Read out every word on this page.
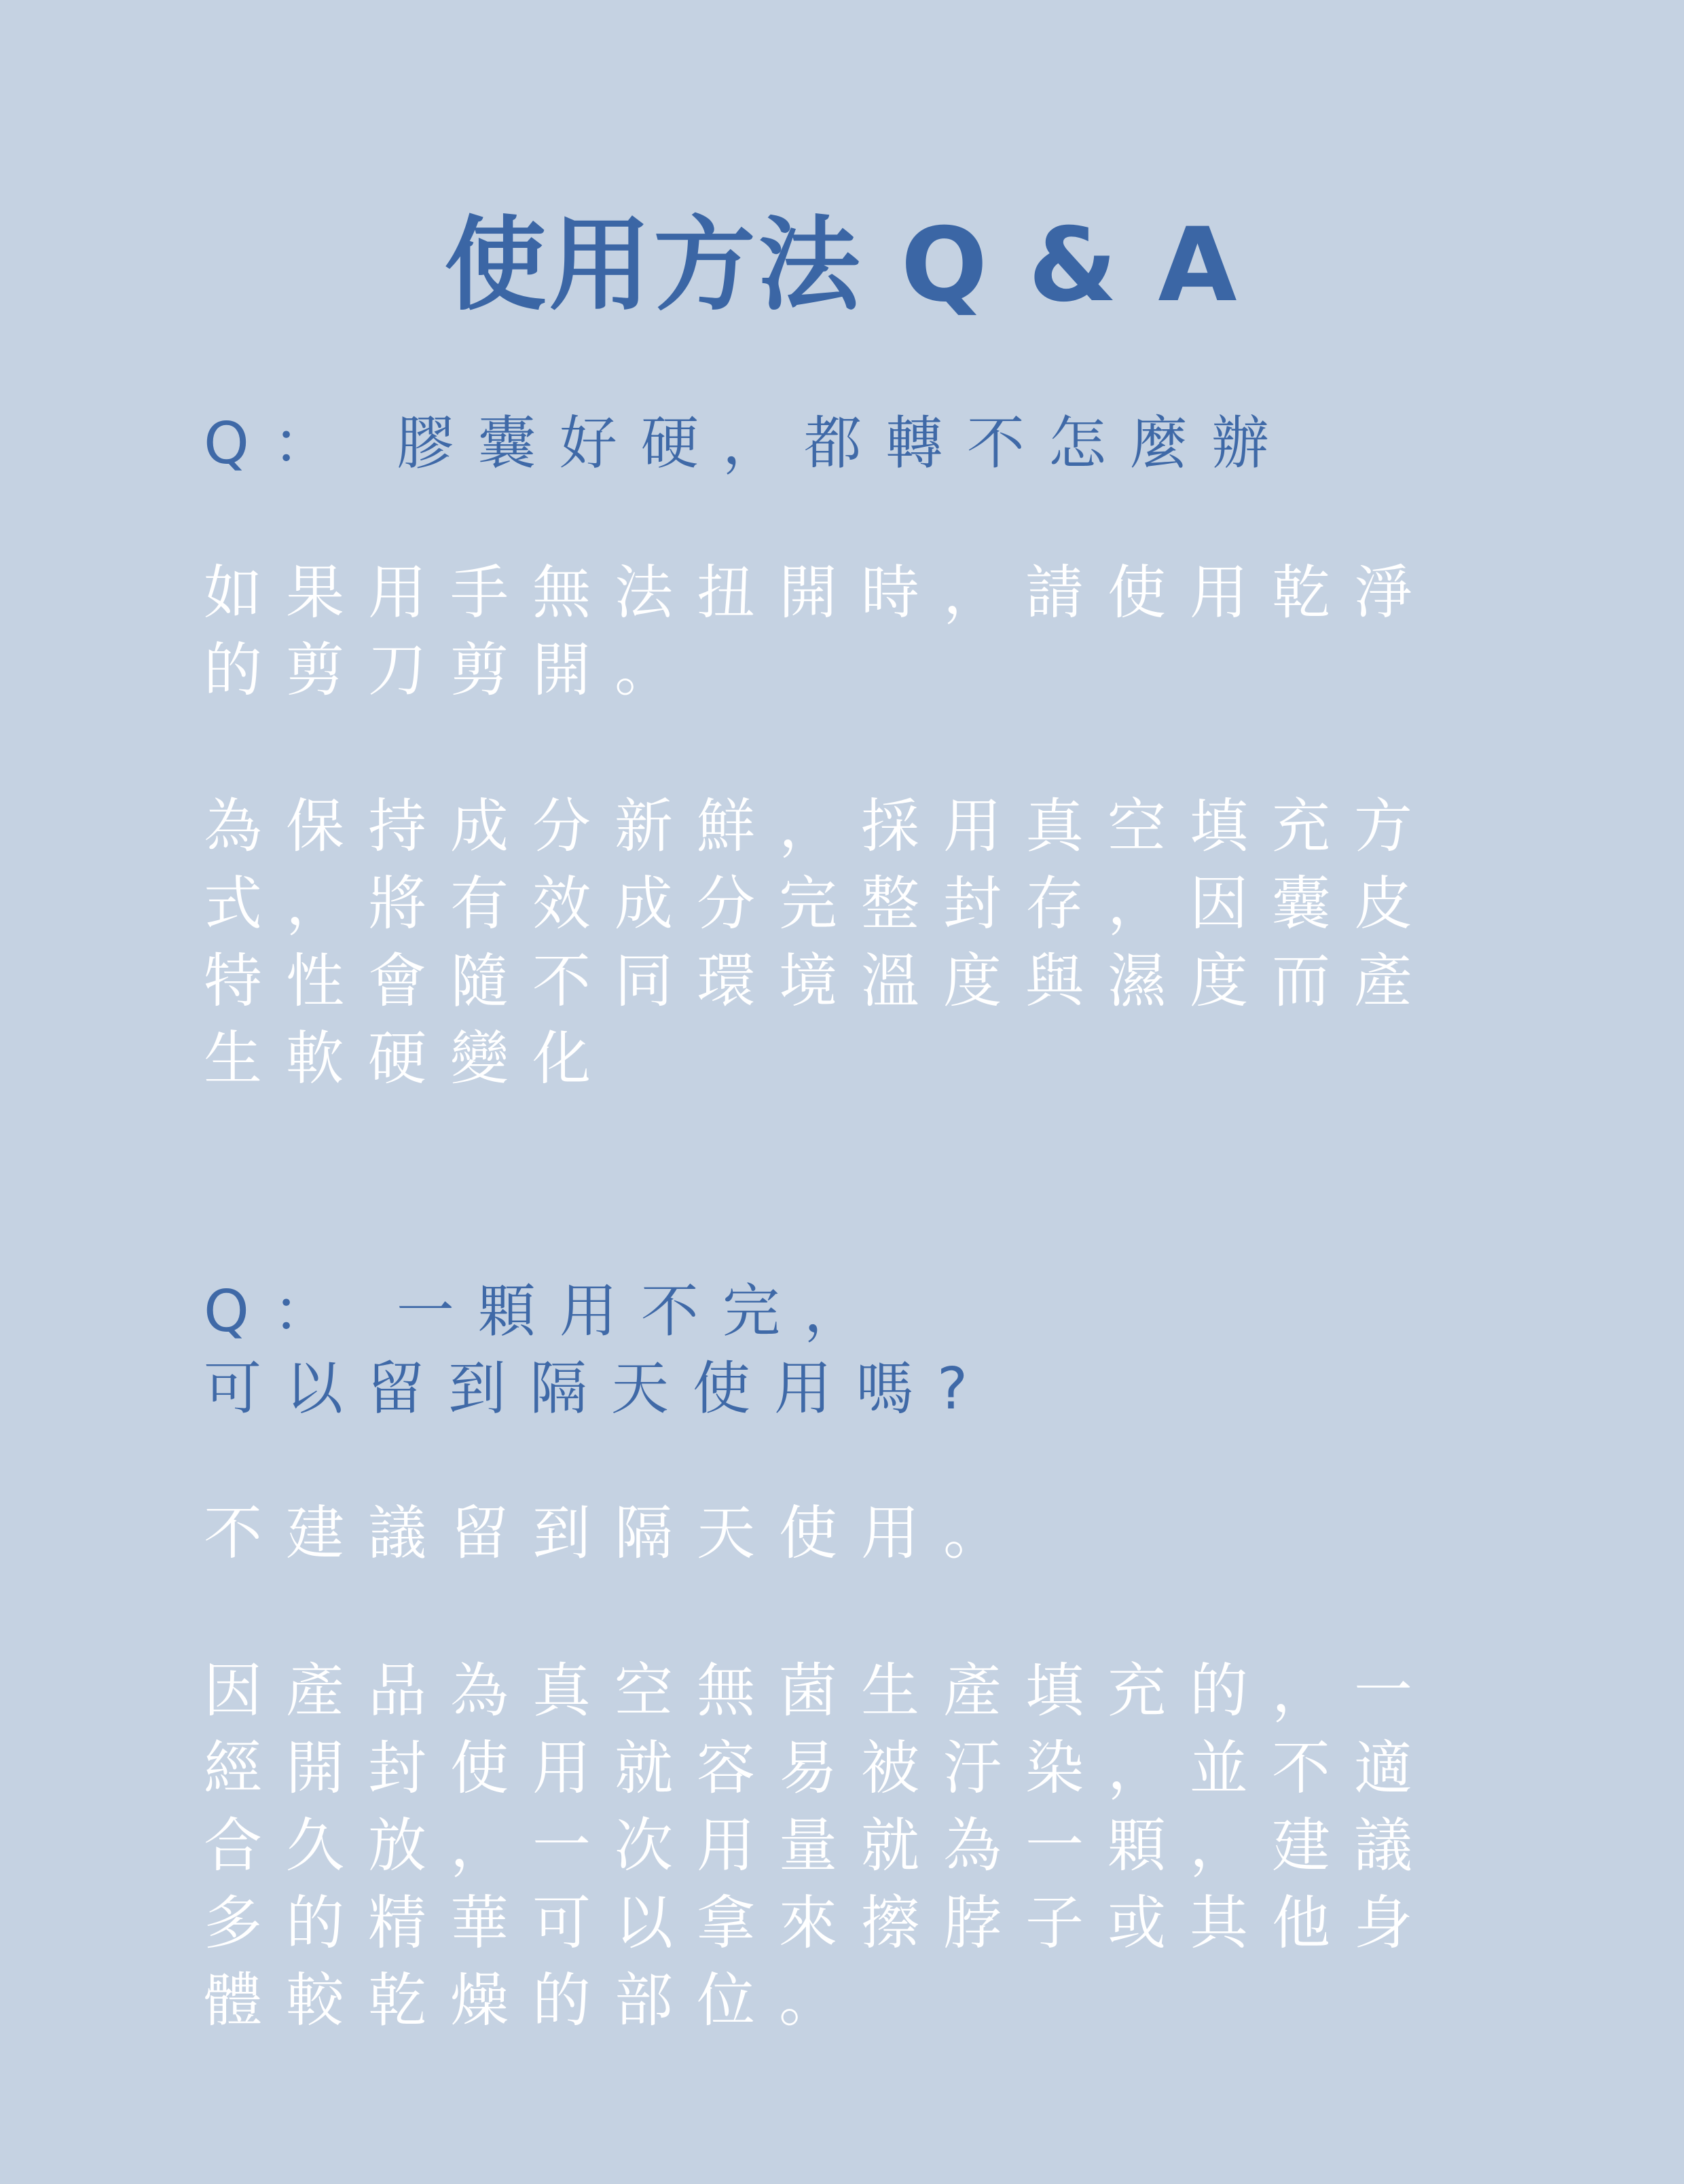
使用方法 Q & A

Q： 膠囊好硬，都轉不怎麼辦

如果用手無法扭開時，請使用乾淨

的剪刀剪開。

為保持成分新鮮，採用真空填充方

式，將有效成分完整封存，因囊皮

特性會隨不同環境溫度與濕度而產

生軟硬變化

Q： 一顆用不完，

可以留到隔天使用嗎?

不建議留到隔天使用。

因產品為真空無菌生產填充的，一

經開封使用就容易被汙染，並不適

合久放，一次用量就為一顆，建議

多的精華可以拿來擦脖子或其他身

體較乾燥的部位。
